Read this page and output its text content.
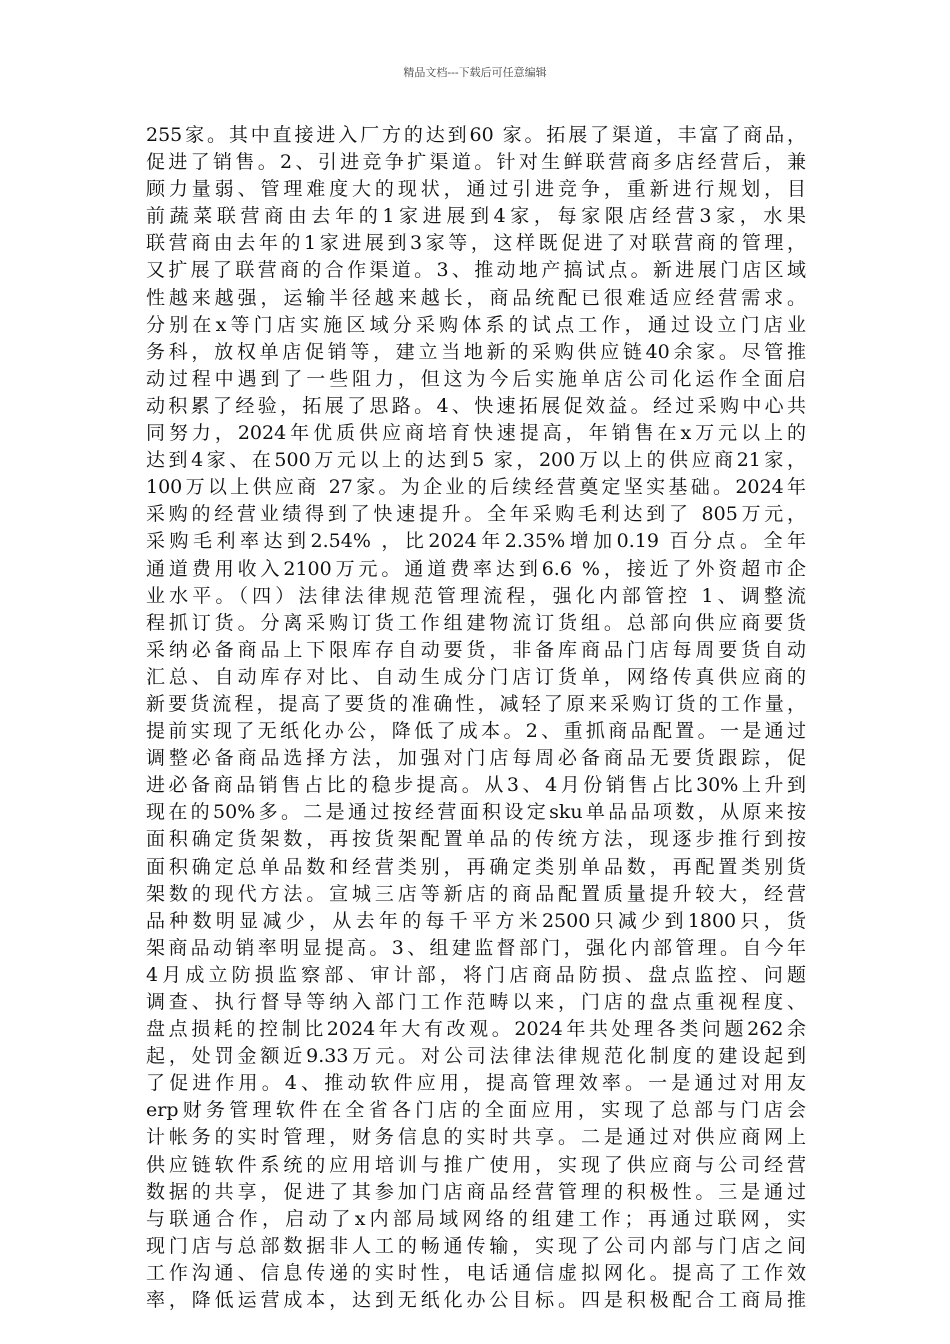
精品文档---下载后可任意编辑
255家。其中直接进入厂方的达到60 家。拓展了渠道，丰富了商品，
促进了销售。2、引进竞争扩渠道。针对生鲜联营商多店经营后，兼
顾力量弱、管理难度大的现状，通过引进竞争，重新进行规划，目
前蔬菜联营商由去年的1家进展到4家，每家限店经营3家，水果
联营商由去年的1家进展到3家等，这样既促进了对联营商的管理，
又扩展了联营商的合作渠道。3、推动地产搞试点。新进展门店区域
性越来越强，运输半径越来越长，商品统配已很难适应经营需求。
分别在x等门店实施区域分采购体系的试点工作，通过设立门店业
务科，放权单店促销等，建立当地新的采购供应链40余家。尽管推
动过程中遇到了一些阻力，但这为今后实施单店公司化运作全面启
动积累了经验，拓展了思路。4、快速拓展促效益。经过采购中心共
同努力，2024年优质供应商培育快速提高，年销售在x万元以上的
达到4家、在500万元以上的达到5 家，200万以上的供应商21家，
100万以上供应商 27家。为企业的后续经营奠定坚实基础。2024年
采购的经营业绩得到了快速提升。全年采购毛利达到了 805万元，
采购毛利率达到2.54% ，比2024年2.35%增加0.19 百分点。全年
通道费用收入2100万元。通道费率达到6.6 %，接近了外资超市企
业水平。（四）法律法律规范管理流程，强化内部管控 1、调整流
程抓订货。分离采购订货工作组建物流订货组。总部向供应商要货
采纳必备商品上下限库存自动要货，非备库商品门店每周要货自动
汇总、自动库存对比、自动生成分门店订货单，网络传真供应商的
新要货流程，提高了要货的准确性，减轻了原来采购订货的工作量，
提前实现了无纸化办公，降低了成本。2、重抓商品配置。一是通过
调整必备商品选择方法，加强对门店每周必备商品无要货跟踪，促
进必备商品销售占比的稳步提高。从3、4月份销售占比30%上升到
现在的50%多。二是通过按经营面积设定sku单品品项数，从原来按
面积确定货架数，再按货架配置单品的传统方法，现逐步推行到按
面积确定总单品数和经营类别，再确定类别单品数，再配置类别货
架数的现代方法。宣城三店等新店的商品配置质量提升较大，经营
品种数明显减少，从去年的每千平方米2500只减少到1800只，货
架商品动销率明显提高。3、组建监督部门，强化内部管理。自今年
4月成立防损监察部、审计部，将门店商品防损、盘点监控、问题
调查、执行督导等纳入部门工作范畴以来，门店的盘点重视程度、
盘点损耗的控制比2024年大有改观。2024年共处理各类问题262余
起，处罚金额近9.33万元。对公司法律法律规范化制度的建设起到
了促进作用。4、推动软件应用，提高管理效率。一是通过对用友
erp财务管理软件在全省各门店的全面应用，实现了总部与门店会
计帐务的实时管理，财务信息的实时共享。二是通过对供应商网上
供应链软件系统的应用培训与推广使用，实现了供应商与公司经营
数据的共享，促进了其参加门店商品经营管理的积极性。三是通过
与联通合作，启动了x内部局域网络的组建工作；再通过联网，实
现门店与总部数据非人工的畅通传输，实现了公司内部与门店之间
工作沟通、信息传递的实时性，电话通信虚拟网化。提高了工作效
率，降低运营成本，达到无纸化办公目标。四是积极配合工商局推
